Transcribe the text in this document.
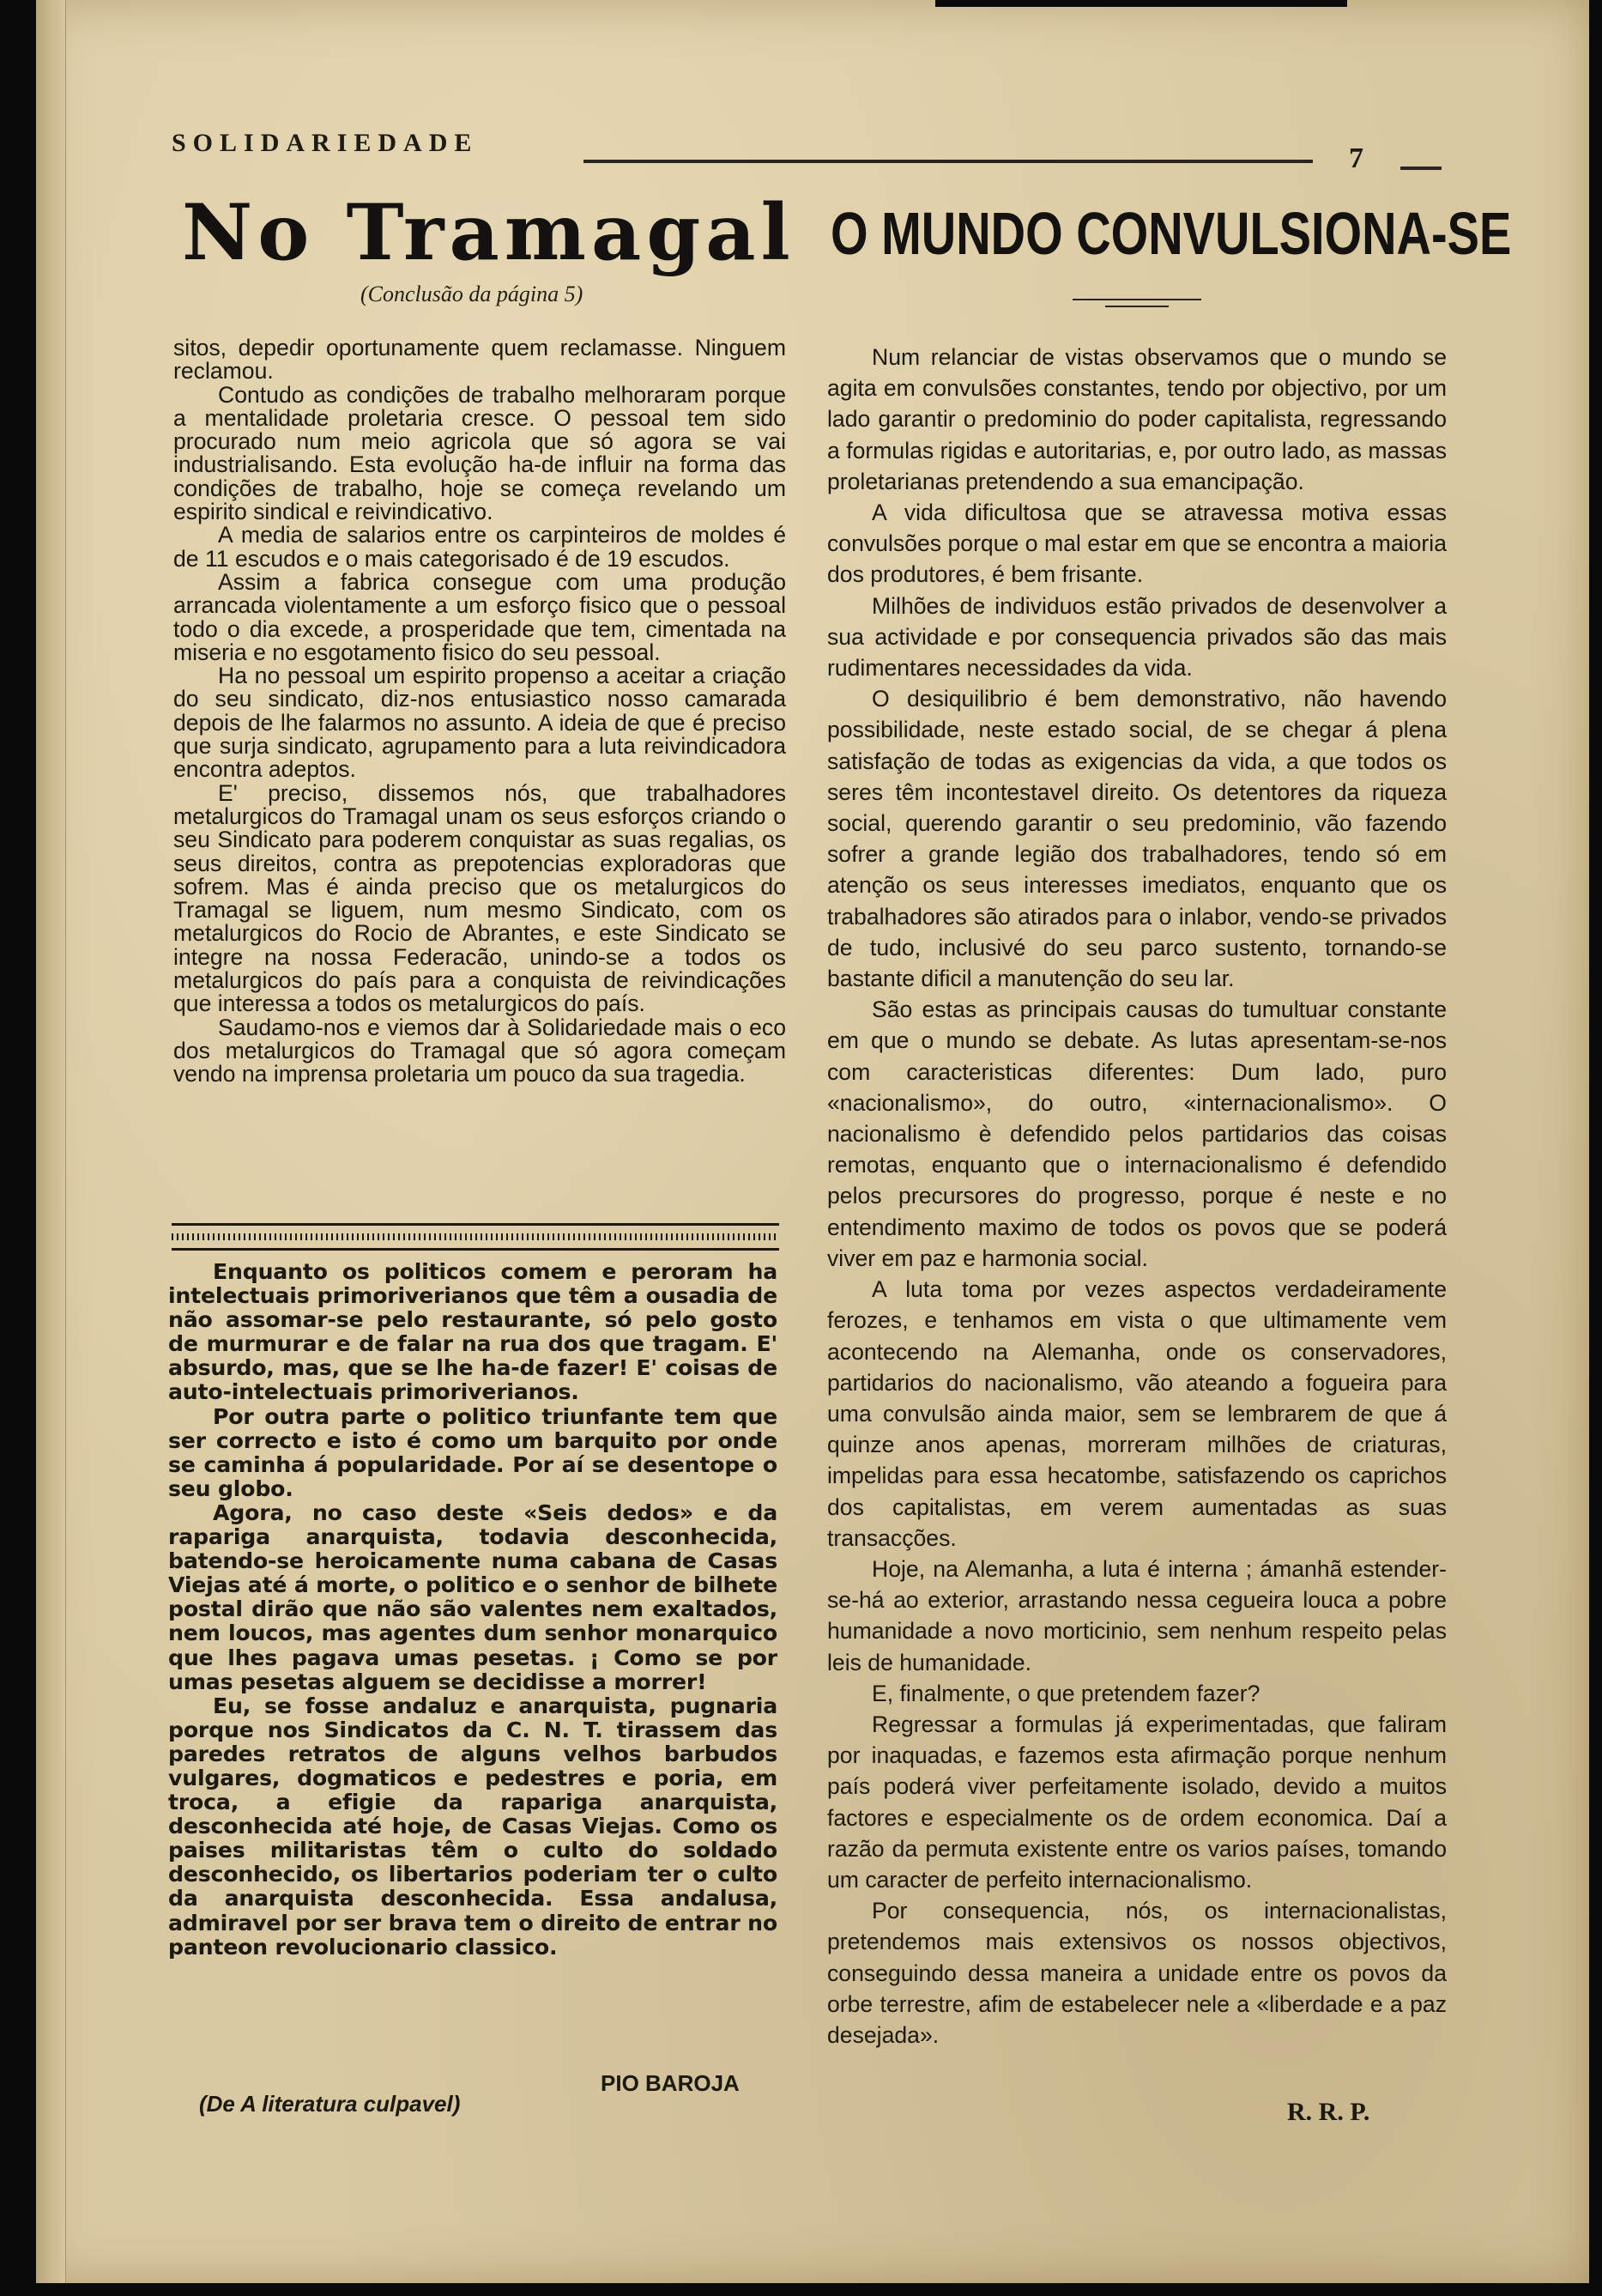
SOLIDARIEDADE	7
No Tramagal
(Conclusão da página 5)
O MUNDO CONVULSIONA-SE

sitos, depedir oportunamente quem reclamasse. Ninguem reclamou.

Contudo as condições de trabalho melhoraram porque a mentalidade proletaria cresce. O pessoal tem sido procurado num meio agricola que só agora se vai industrialisando. Esta evolução ha-de influir na forma das condições de trabalho, hoje se começa revelando um espirito sindical e reivindicativo.

A media de salarios entre os carpinteiros de moldes é de 11 escudos e o mais categorisado é de 19 escudos.

Assim a fabrica consegue com uma produção arrancada violentamente a um esforço fisico que o pessoal todo o dia excede, a prosperidade que tem, cimentada na miseria e no esgotamento fisico do seu pessoal.

Ha no pessoal um espirito propenso a aceitar a criação do seu sindicato, diz-nos entusiastico nosso camarada depois de lhe falarmos no assunto. A ideia de que é preciso que surja sindicato, agrupamento para a luta reivindicadora encontra adeptos.

E' preciso, dissemos nós, que trabalhadores metalurgicos do Tramagal unam os seus esforços criando o seu Sindicato para poderem conquistar as suas regalias, os seus direitos, contra as prepotencias exploradoras que sofrem. Mas é ainda preciso que os metalurgicos do Tramagal se liguem, num mesmo Sindicato, com os metalurgicos do Rocio de Abrantes, e este Sindicato se integre na nossa Federacão, unindo-se a todos os metalurgicos do país para a conquista de reivindicações que interessa a todos os metalurgicos do país.

Saudamo-nos e viemos dar à Solidariedade mais o eco dos metalurgicos do Tramagal que só agora começam vendo na imprensa proletaria um pouco da sua tragedia.

Enquanto os politicos comem e peroram ha intelectuais primoriverianos que têm a ousadia de não assomar-se pelo restaurante, só pelo gosto de murmurar e de falar na rua dos que tragam. E' absurdo, mas, que se lhe ha-de fazer! E' coisas de auto-intelectuais primoriverianos.

Por outra parte o politico triunfante tem que ser correcto e isto é como um barquito por onde se caminha á popularidade. Por aí se desentope o seu globo.

Agora, no caso deste «Seis dedos» e da rapariga anarquista, todavia desconhecida, batendo-se heroicamente numa cabana de Casas Viejas até á morte, o politico e o senhor de bilhete postal dirão que não são valentes nem exaltados, nem loucos, mas agentes dum senhor monarquico que lhes pagava umas pesetas. ¡ Como se por umas pesetas alguem se decidisse a morrer!

Eu, se fosse andaluz e anarquista, pugnaria porque nos Sindicatos da C. N. T. tirassem das paredes retratos de alguns velhos barbudos vulgares, dogmaticos e pedestres e poria, em troca, a efigie da rapariga anarquista, desconhecida até hoje, de Casas Viejas. Como os paises militaristas têm o culto do soldado desconhecido, os libertarios poderiam ter o culto da anarquista desconhecida. Essa andalusa, admiravel por ser brava tem o direito de entrar no panteon revolucionario classico.

PIO BAROJA
(De A literatura culpavel)

Num relanciar de vistas observamos que o mundo se agita em convulsões constantes, tendo por objectivo, por um lado garantir o predominio do poder capitalista, regressando a formulas rigidas e autoritarias, e, por outro lado, as massas proletarianas pretendendo a sua emancipação.

A vida dificultosa que se atravessa motiva essas convulsões porque o mal estar em que se encontra a maioria dos produtores, é bem frisante.

Milhões de individuos estão privados de desenvolver a sua actividade e por consequencia privados são das mais rudimentares necessidades da vida.

O desiquilibrio é bem demonstrativo, não havendo possibilidade, neste estado social, de se chegar á plena satisfação de todas as exigencias da vida, a que todos os seres têm incontestavel direito. Os detentores da riqueza social, querendo garantir o seu predominio, vão fazendo sofrer a grande legião dos trabalhadores, tendo só em atenção os seus interesses imediatos, enquanto que os trabalhadores são atirados para o inlabor, vendo-se privados de tudo, inclusivé do seu parco sustento, tornando-se bastante dificil a manutenção do seu lar.

São estas as principais causas do tumultuar constante em que o mundo se debate. As lutas apresentam-se-nos com caracteristicas diferentes: Dum lado, puro «nacionalismo», do outro, «internacionalismo». O nacionalismo è defendido pelos partidarios das coisas remotas, enquanto que o internacionalismo é defendido pelos precursores do progresso, porque é neste e no entendimento maximo de todos os povos que se poderá viver em paz e harmonia social.

A luta toma por vezes aspectos verdadeiramente ferozes, e tenhamos em vista o que ultimamente vem acontecendo na Alemanha, onde os conservadores, partidarios do nacionalismo, vão ateando a fogueira para uma convulsão ainda maior, sem se lembrarem de que á quinze anos apenas, morreram milhões de criaturas, impelidas para essa hecatombe, satisfazendo os caprichos dos capitalistas, em verem aumentadas as suas transacções.

Hoje, na Alemanha, a luta é interna ; ámanhã estender-se-há ao exterior, arrastando nessa cegueira louca a pobre humanidade a novo morticinio, sem nenhum respeito pelas leis de humanidade.

E, finalmente, o que pretendem fazer?

Regressar a formulas já experimentadas, que faliram por inaquadas, e fazemos esta afirmação porque nenhum país poderá viver perfeitamente isolado, devido a muitos factores e especialmente os de ordem economica. Daí a razão da permuta existente entre os varios países, tomando um caracter de perfeito internacionalismo.

Por consequencia, nós, os internacionalistas, pretendemos mais extensivos os nossos objectivos, conseguindo dessa maneira a unidade entre os povos da orbe terrestre, afim de estabelecer nele a «liberdade e a paz desejada».

R. R. P.
